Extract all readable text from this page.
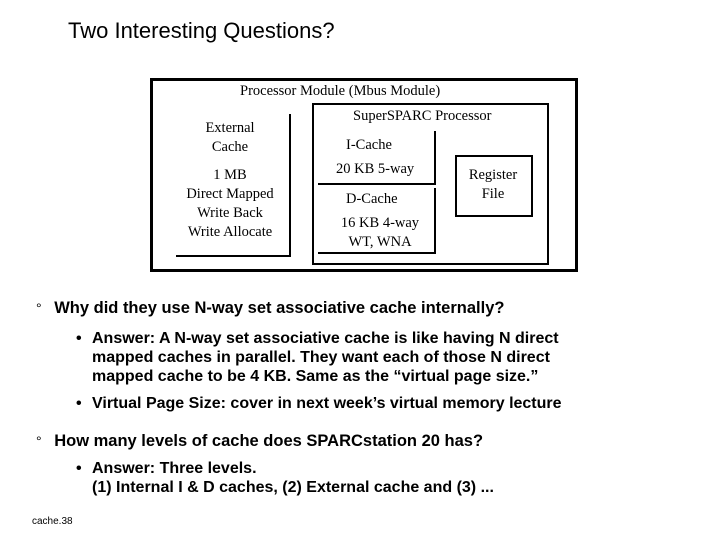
Two Interesting Questions?
Processor Module (Mbus Module)
External
Cache
1 MB
Direct Mapped
Write Back
Write Allocate
SuperSPARC Processor
I-Cache
20 KB 5-way
D-Cache
16 KB 4-way
WT, WNA
Register
File
° Why did they use N-way set associative cache internally?
• Answer: A N-way set associative cache is like having N direct
mapped caches in parallel. They want each of those N direct
mapped cache to be 4 KB. Same as the “virtual page size.”
• Virtual Page Size: cover in next week’s virtual memory lecture
° How many levels of cache does SPARCstation 20 has?
• Answer: Three levels.
(1) Internal I & D caches, (2) External cache and (3) ...
cache.38
